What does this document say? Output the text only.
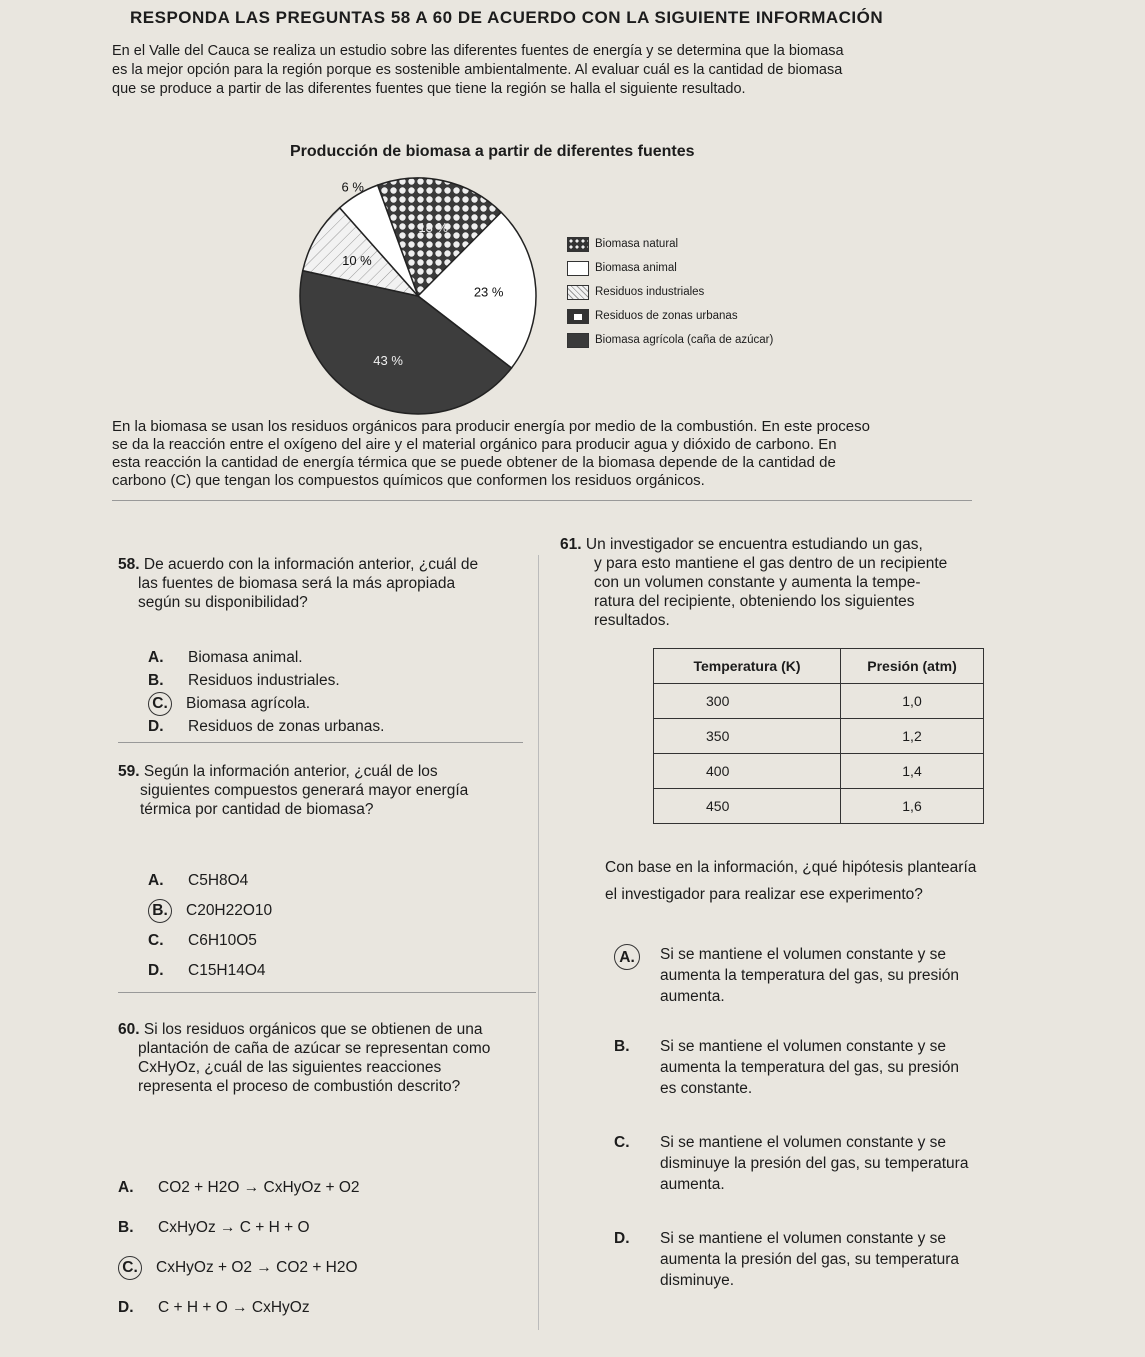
RESPONDA LAS PREGUNTAS 58 A 60 DE ACUERDO CON LA SIGUIENTE INFORMACIÓN

En el Valle del Cauca se realiza un estudio sobre las diferentes fuentes de energía y se determina que la biomasa

es la mejor opción para la región porque es sostenible ambientalmente. Al evaluar cuál es la cantidad de biomasa

que se produce a partir de las diferentes fuentes que tiene la región se halla el siguiente resultado.

Producción de biomasa a partir de diferentes fuentes
18 %
23 %
43 %
10 %
6 %
Biomasa natural
Biomasa animal
Residuos industriales
Residuos de zonas urbanas
Biomasa agrícola (caña de azúcar)
En la biomasa se usan los residuos orgánicos para producir energía por medio de la combustión. En este proceso
se da la reacción entre el oxígeno del aire y el material orgánico para producir agua y dióxido de carbono. En
esta reacción la cantidad de energía térmica que se puede obtener de la biomasa depende de la cantidad de
carbono (C) que tengan los compuestos químicos que conformen los residuos orgánicos.
58. De acuerdo con la información anterior, ¿cuál de
las fuentes de biomasa será la más apropiada
según su disponibilidad?
A.	Biomasa animal.
B.	Residuos industriales.
C. Biomasa agrícola.
D.	Residuos de zonas urbanas.
59. Según la información anterior, ¿cuál de los
siguientes compuestos generará mayor energía
térmica por cantidad de biomasa?
A.	C5H8O4
B. C20H22O10
C.	C6H10O5
D.	C15H14O4
60. Si los residuos orgánicos que se obtienen de una
plantación de caña de azúcar se representan como
CxHyOz, ¿cuál de las siguientes reacciones
representa el proceso de combustión descrito?
A.	CO2 + H2O → CxHyOz + O2
B.	CxHyOz → C + H + O
C. CxHyOz + O2 → CO2 + H2O
D.	C + H + O → CxHyOz
61. Un investigador se encuentra estudiando un gas,
y para esto mantiene el gas dentro de un recipiente
con un volumen constante y aumenta la tempe-
ratura del recipiente, obteniendo los siguientes
resultados.
Temperatura (K)	Presión (atm)
300	1,0
350	1,2
400	1,4
450	1,6
Con base en la información, ¿qué hipótesis plantearía
el investigador para realizar ese experimento?
A.	Si se mantiene el volumen constante y se
aumenta la temperatura del gas, su presión
aumenta.
B.	Si se mantiene el volumen constante y se
aumenta la temperatura del gas, su presión
es constante.
C.	Si se mantiene el volumen constante y se
disminuye la presión del gas, su temperatura
aumenta.
D.	Si se mantiene el volumen constante y se
aumenta la presión del gas, su temperatura
disminuye.
